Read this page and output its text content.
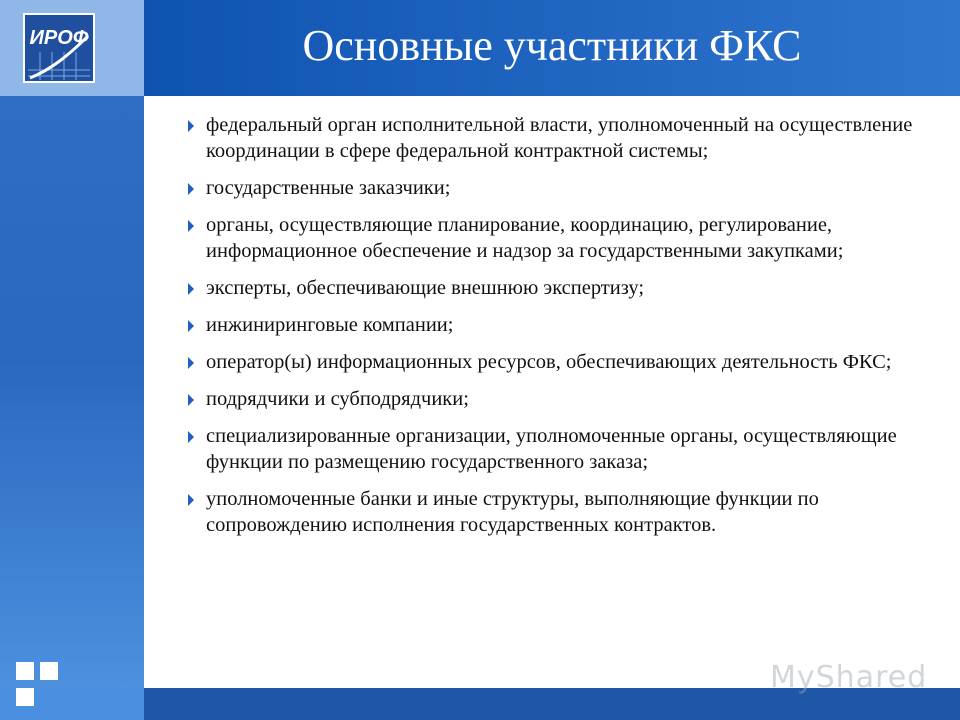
ИРОФ	Основные участники ФКС
MyShared
федеральный орган исполнительной власти, уполномоченный на осуществление координации в сфере федеральной контрактной системы;
государственные заказчики;
органы, осуществляющие планирование, координацию, регулирование, информационное обеспечение и надзор за государственными закупками;
эксперты, обеспечивающие внешнюю экспертизу;
инжиниринговые компании;
оператор(ы) информационных ресурсов, обеспечивающих деятельность ФКС;
подрядчики и субподрядчики;
специализированные организации, уполномоченные органы, осуществляющие функции по размещению государственного заказа;
уполномоченные банки и иные структуры, выполняющие функции по сопровождению исполнения государственных контрактов.
